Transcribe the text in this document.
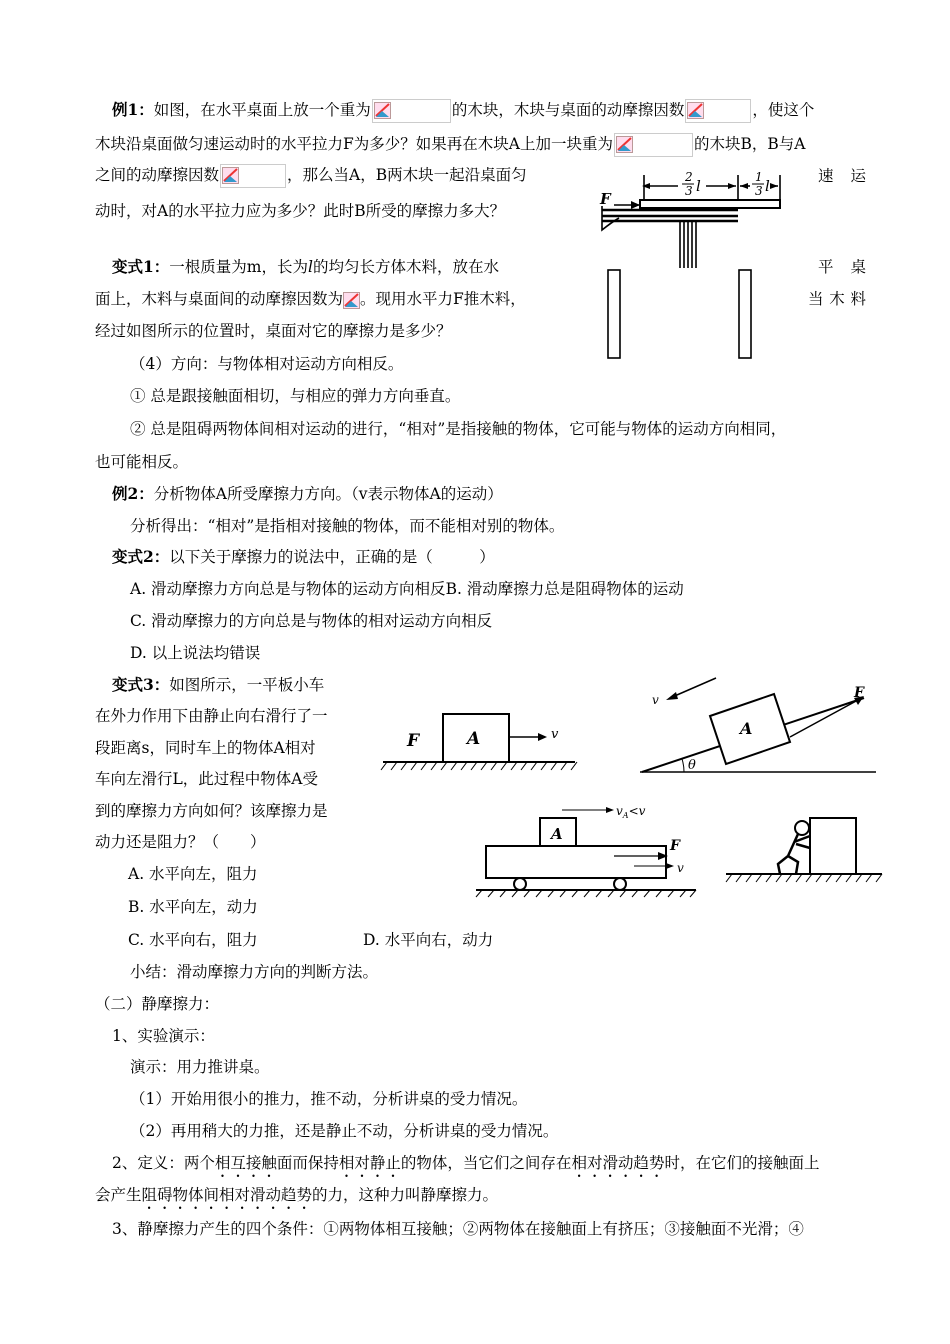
例1：如图，在水平桌面上放一个重为	的木块，木块与桌面的动摩擦因数	，使这个
木块沿桌面做匀速运动时的水平拉力F为多少？如果再在木块A上加一块重为	的木块B，B与A
之间的动摩擦因数	，那么当A，B两木块一起沿桌面匀	速 运
动时，对A的水平拉力应为多少？此时B所受的摩擦力多大？
2
3 l	1
3 l
F
变式1：一根质量为m，长为l的均匀长方体木料，放在水	平 桌
面上，木料与桌面间的动摩擦因数为 。现用水平力F推木料，	当 木 料
经过如图所示的位置时，桌面对它的摩擦力是多少？
（4）方向：与物体相对运动方向相反。
① 总是跟接触面相切，与相应的弹力方向垂直。
② 总是阻碍两物体间相对运动的进行，“相对”是指接触的物体，它可能与物体的运动方向相同，
也可能相反。
例2：分析物体A所受摩擦力方向。（v表示物体A的运动）
分析得出：“相对”是指相对接触的物体，而不能相对别的物体。
变式2：以下关于摩擦力的说法中，正确的是（　　　）
A. 滑动摩擦力方向总是与物体的运动方向相反B. 滑动摩擦力总是阻碍物体的运动
C. 滑动摩擦力的方向总是与物体的相对运动方向相反
D. 以上说法均错误
变式3：如图所示，一平板小车
在外力作用下由静止向右滑行了一
段距离s，同时车上的物体A相对
车向左滑行L，此过程中物体A受
到的摩擦力方向如何？该摩擦力是
动力还是阻力？（　　）
A. 水平向左，阻力
B. 水平向左，动力
C. 水平向右，阻力	D. 水平向右，动力
F	A	v
F
A
v
θ
$v_A<v$
A
F
v
小结：滑动摩擦力方向的判断方法。
（二）静摩擦力：
1、实验演示：
演示：用力推讲桌。
（1）开始用很小的推力，推不动，分析讲桌的受力情况。
（2）再用稍大的力推，还是静止不动，分析讲桌的受力情况。
2、定义：两个相互接触面而保持相对静止的物体，当它们之间存在相对滑动趋势时，在它们的接触面上
会产生阻碍物体间相对滑动趋势的力，这种力叫静摩擦力。
3、静摩擦力产生的四个条件：①两物体相互接触；②两物体在接触面上有挤压；③接触面不光滑；④
